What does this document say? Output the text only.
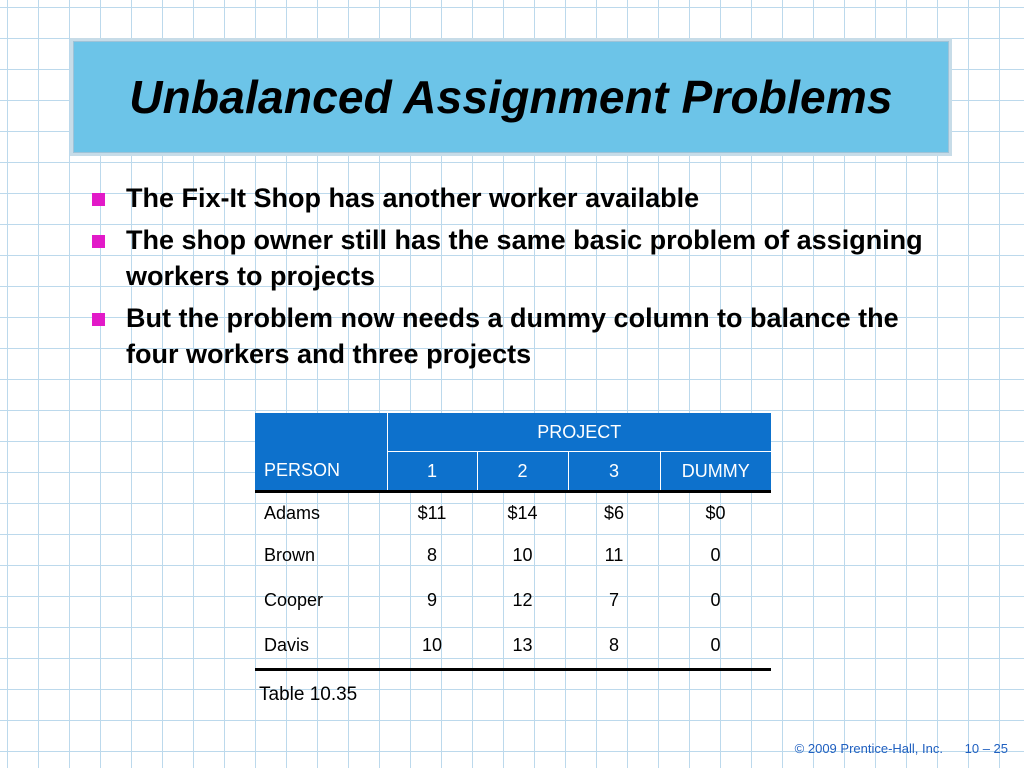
Unbalanced Assignment Problems
The Fix-It Shop has another worker available
The shop owner still has the same basic problem of assigning workers to projects
But the problem now needs a dummy column to balance the four workers and three projects
	PROJECT			
PERSON	1	2	3	DUMMY
Adams	$11	$14	$6	$0
Brown	8	10	11	0
Cooper	9	12	7	0
Davis	10	13	8	0
Table 10.35
© 2009 Prentice-Hall, Inc. 10 – 25
